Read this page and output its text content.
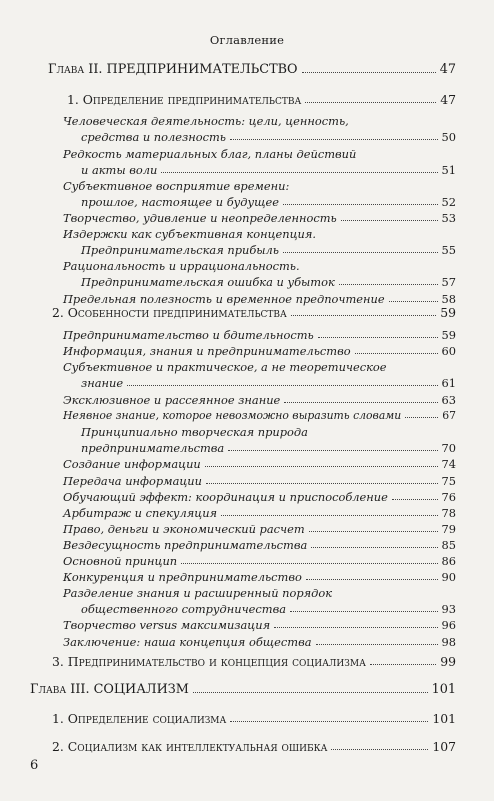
Оглавление
Глава II. ПРЕДПРИНИМАТЕЛЬСТВО	47
1. Определение предпринимательства	47
Человеческая деятельность: цели, ценность,
средства и полезность	50
Редкость материальных благ, планы действий
и акты воли	51
Субъективное восприятие времени:
прошлое, настоящее и будущее	52
Творчество, удивление и неопределенность	53
Издержки как субъективная концепция.
Предпринимательская прибыль	55
Рациональность и иррациональность.
Предпринимательская ошибка и убыток	57
Предельная полезность и временное предпочтение	58
2. Особенности предпринимательства	59
Предпринимательство и бдительность	59
Информация, знания и предпринимательство	60
Субъективное и практическое, а не теоретическое
знание	61
Эксклюзивное и рассеянное знание	63
Неявное знание, которое невозможно выразить словами	67
Принципиально творческая природа
предпринимательства	70
Создание информации	74
Передача информации	75
Обучающий эффект: координация и приспособление	76
Арбитраж и спекуляция	78
Право, деньги и экономический расчет	79
Вездесущность предпринимательства	85
Основной принцип	86
Конкуренция и предпринимательство	90
Разделение знания и расширенный порядок
общественного сотрудничества	93
Творчество versus максимизация	96
Заключение: наша концепция общества	98
3. Предпринимательство и концепция социализма	99
Глава III. СОЦИАЛИЗМ	101
1. Определение социализма	101
2. Социализм как интеллектуальная ошибка	107
6
